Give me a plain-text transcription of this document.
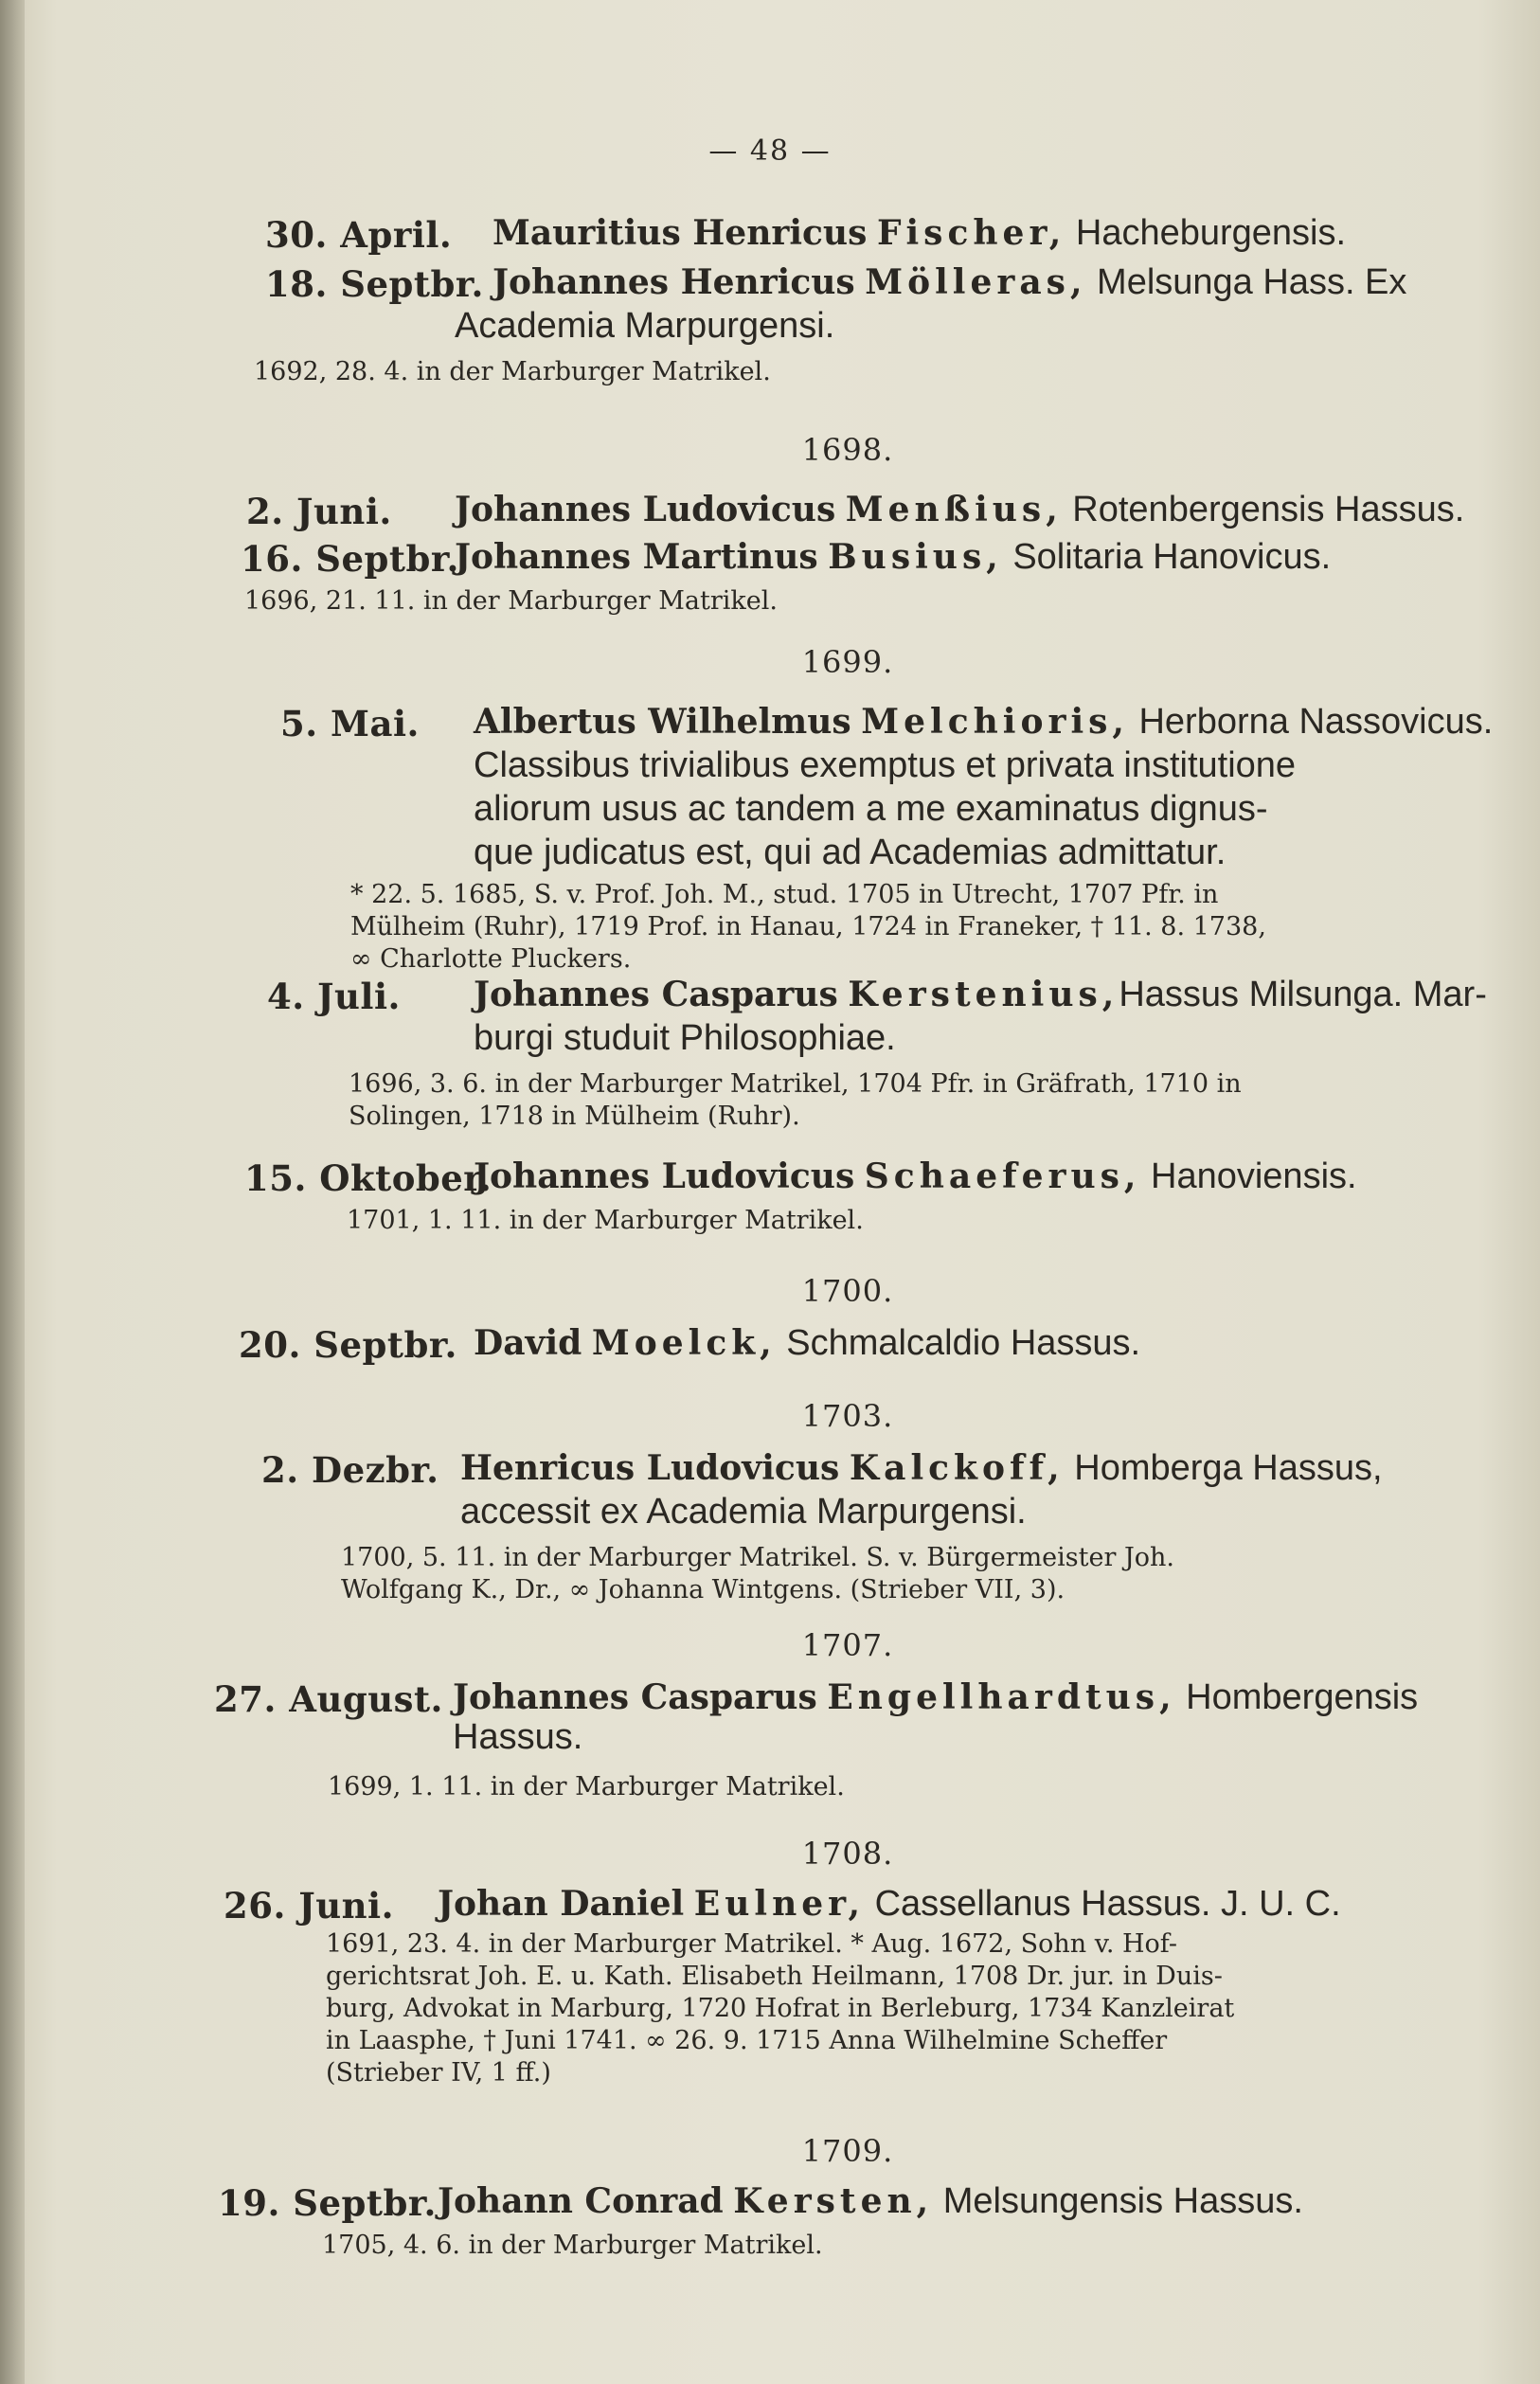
— 48 —
30. April. Mauritius Henricus Fischer, Hacheburgensis.
18. Septbr. Johannes Henricus Mölleras, Melsunga Hass. Ex
Academia Marpurgensi.
1692, 28. 4. in der Marburger Matrikel.
1698.
2. Juni. Johannes Ludovicus Menßius, Rotenbergensis Hassus.
16. Septbr.
Johannes Martinus Busius, Solitaria Hanovicus.
1696, 21. 11. in der Marburger Matrikel.
1699.
5. Mai. Albertus Wilhelmus Melchioris, Herborna Nassovicus.
Classibus trivialibus exemptus et privata institutione
aliorum usus ac tandem a me examinatus dignus-
que judicatus est, qui ad Academias admittatur.
* 22. 5. 1685, S. v. Prof. Joh. M., stud. 1705 in Utrecht, 1707 Pfr. in
Mülheim (Ruhr), 1719 Prof. in Hanau, 1724 in Franeker, † 11. 8. 1738,
∞ Charlotte Pluckers.
4. Juli. Johannes Casparus Kerstenius,Hassus Milsunga. Mar-
burgi studuit Philosophiae.
1696, 3. 6. in der Marburger Matrikel, 1704 Pfr. in Gräfrath, 1710 in
Solingen, 1718 in Mülheim (Ruhr).
15. Oktober.
Johannes Ludovicus Schaeferus, Hanoviensis.
1701, 1. 11. in der Marburger Matrikel.
1700.
20. Septbr. David Moelck, Schmalcaldio Hassus.
1703.
2. Dezbr. Henricus Ludovicus Kalckoff, Homberga Hassus,
accessit ex Academia Marpurgensi.
1700, 5. 11. in der Marburger Matrikel. S. v. Bürgermeister Joh.
Wolfgang K., Dr., ∞ Johanna Wintgens. (Strieber VII, 3).
1707.
27. August. Johannes Casparus Engellhardtus, Hombergensis
Hassus.
1699, 1. 11. in der Marburger Matrikel.
1708.
26. Juni. Johan Daniel Eulner, Cassellanus Hassus. J. U. C.
1691, 23. 4. in der Marburger Matrikel. * Aug. 1672, Sohn v. Hof-
gerichtsrat Joh. E. u. Kath. Elisabeth Heilmann, 1708 Dr. jur. in Duis-
burg, Advokat in Marburg, 1720 Hofrat in Berleburg, 1734 Kanzleirat
in Laasphe, † Juni 1741. ∞ 26. 9. 1715 Anna Wilhelmine Scheffer
(Strieber IV, 1 ff.)
1709.
19. Septbr. Johann Conrad Kersten, Melsungensis Hassus.
1705, 4. 6. in der Marburger Matrikel.
